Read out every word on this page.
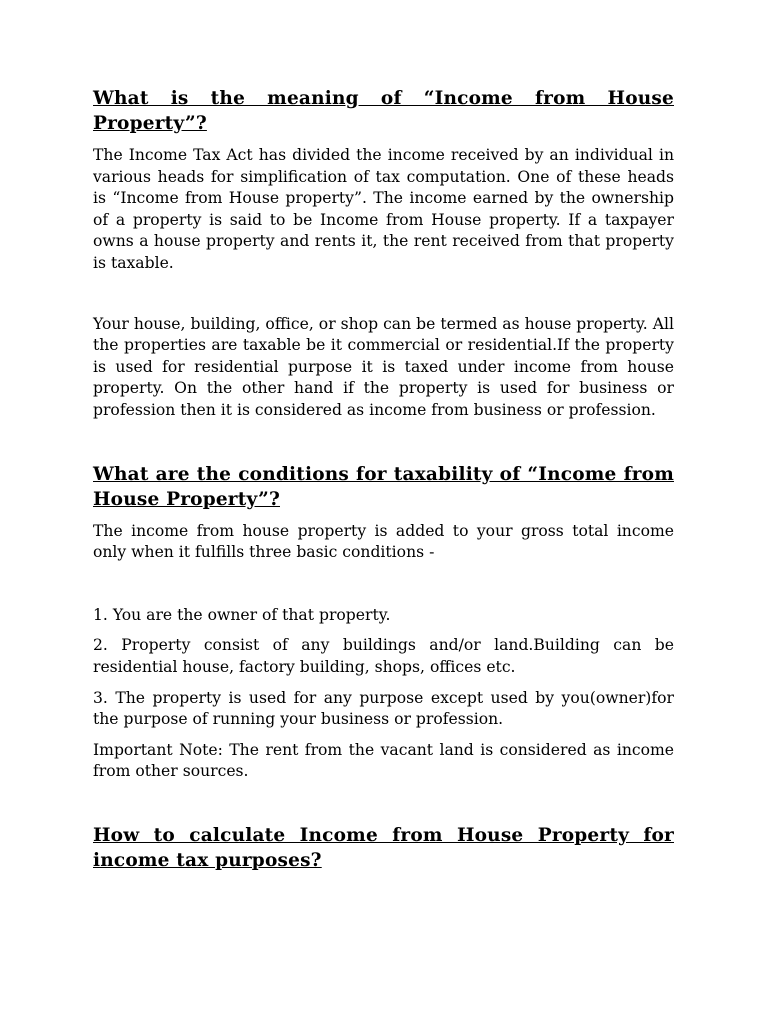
What is the meaning of “Income from House Property”?

The Income Tax Act has divided the income received by an individual in various heads for simplification of tax computation. One of these heads is “Income from House property”. The income earned by the ownership of a property is said to be Income from House property. If a taxpayer owns a house property and rents it, the rent received from that property is taxable.

Your house, building, office, or shop can be termed as house property. All the properties are taxable be it commercial or residential.If the property is used for residential purpose it is taxed under income from house property. On the other hand if the property is used for business or profession then it is considered as income from business or profession.

What are the conditions for taxability of “Income from House Property”?

The income from house property is added to your gross total income only when it fulfills three basic conditions -

1. You are the owner of that property.

2. Property consist of any buildings and/or land.Building can be residential house, factory building, shops, offices etc.

3. The property is used for any purpose except used by you(owner)for the purpose of running your business or profession.

Important Note: The rent from the vacant land is considered as income from other sources.

How to calculate Income from House Property for income tax purposes?
